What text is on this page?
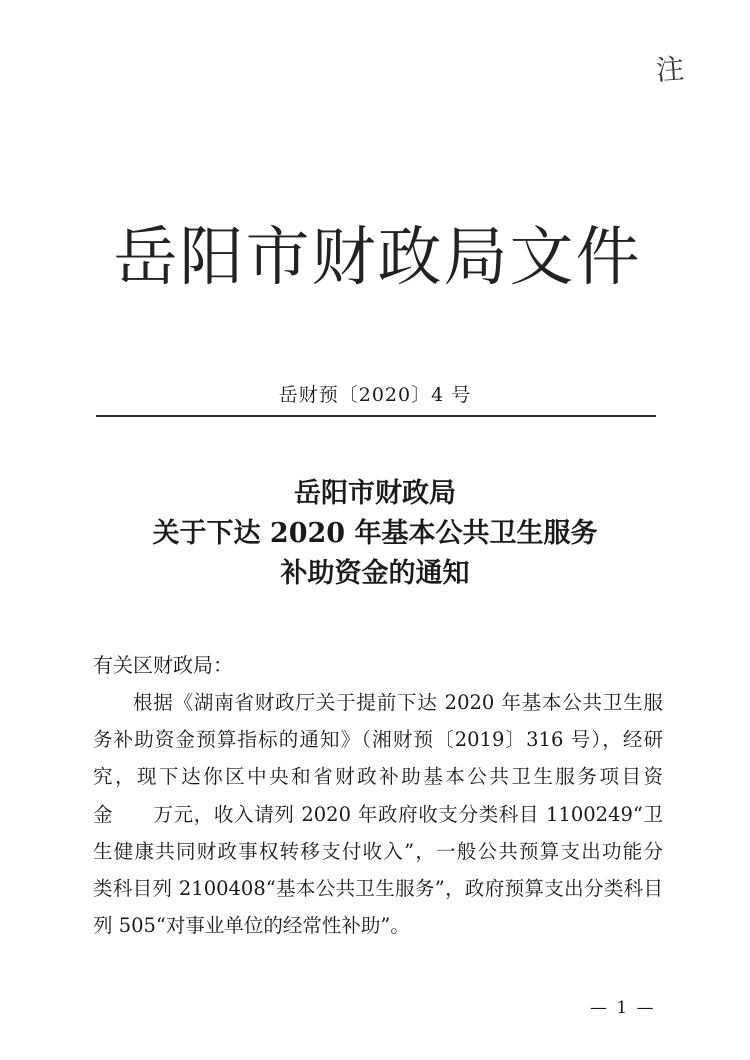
注
岳阳市财政局文件
岳财预〔2020〕4 号
岳阳市财政局
关于下达 2020 年基本公共卫生服务
补助资金的通知
有关区财政局：
根据《湖南省财政厅关于提前下达 2020 年基本公共卫生服
务补助资金预算指标的通知》（湘财预〔2019〕316 号），经研
究，现下达你区中央和省财政补助基本公共卫生服务项目资
金　　万元，收入请列 2020 年政府收支分类科目 1100249“卫
生健康共同财政事权转移支付收入”，一般公共预算支出功能分
类科目列 2100408“基本公共卫生服务”，政府预算支出分类科目
列 505“对事业单位的经常性补助”。
— 1 —
